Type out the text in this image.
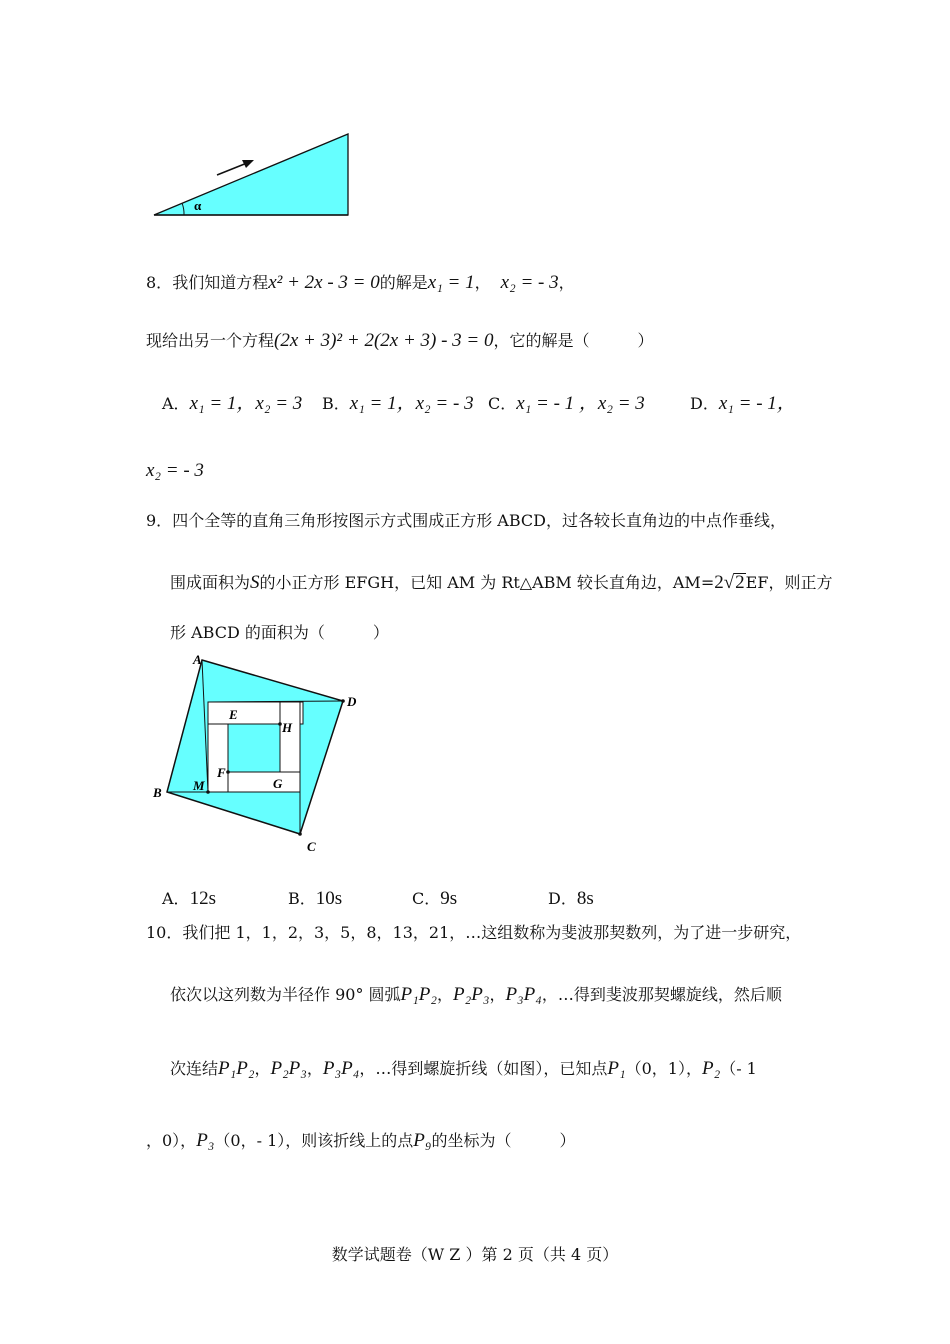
α
8．我们知道方程x² + 2x - 3 = 0的解是x₁ = 1， x₂ = - 3，
现给出另一个方程(2x + 3)² + 2(2x + 3) - 3 = 0，它的解是（　　　）
A．x₁ = 1，x₂ = 3 B．x₁ = 1，x₂ = - 3 C．x₁ = - 1 ，x₂ = 3	D．x₁ = - 1，
x₂ = - 3
9．四个全等的直角三角形按图示方式围成正方形 ABCD，过各较长直角边的中点作垂线，
围成面积为S的小正方形 EFGH，已知 AM 为 Rt△ABM 较长直角边，AM=2√2EF，则正方
形 ABCD 的面积为（　　　）
A
B
C
D
E
F
G
H
M
A．12s	B．10s	C．9s	D．8s
10．我们把 1，1，2，3，5，8，13，21，…这组数称为斐波那契数列，为了进一步研究，
依次以这列数为半径作 90° 圆弧P₁P₂，P₂P₃，P₃P₄，…得到斐波那契螺旋线，然后顺
次连结P₁P₂，P₂P₃，P₃P₄，…得到螺旋折线（如图），已知点P₁（0，1），P₂（- 1
，0），P₃（0，- 1），则该折线上的点P₉的坐标为（　　　）
数学试题卷（W Z ）第 2 页（共 4 页）
